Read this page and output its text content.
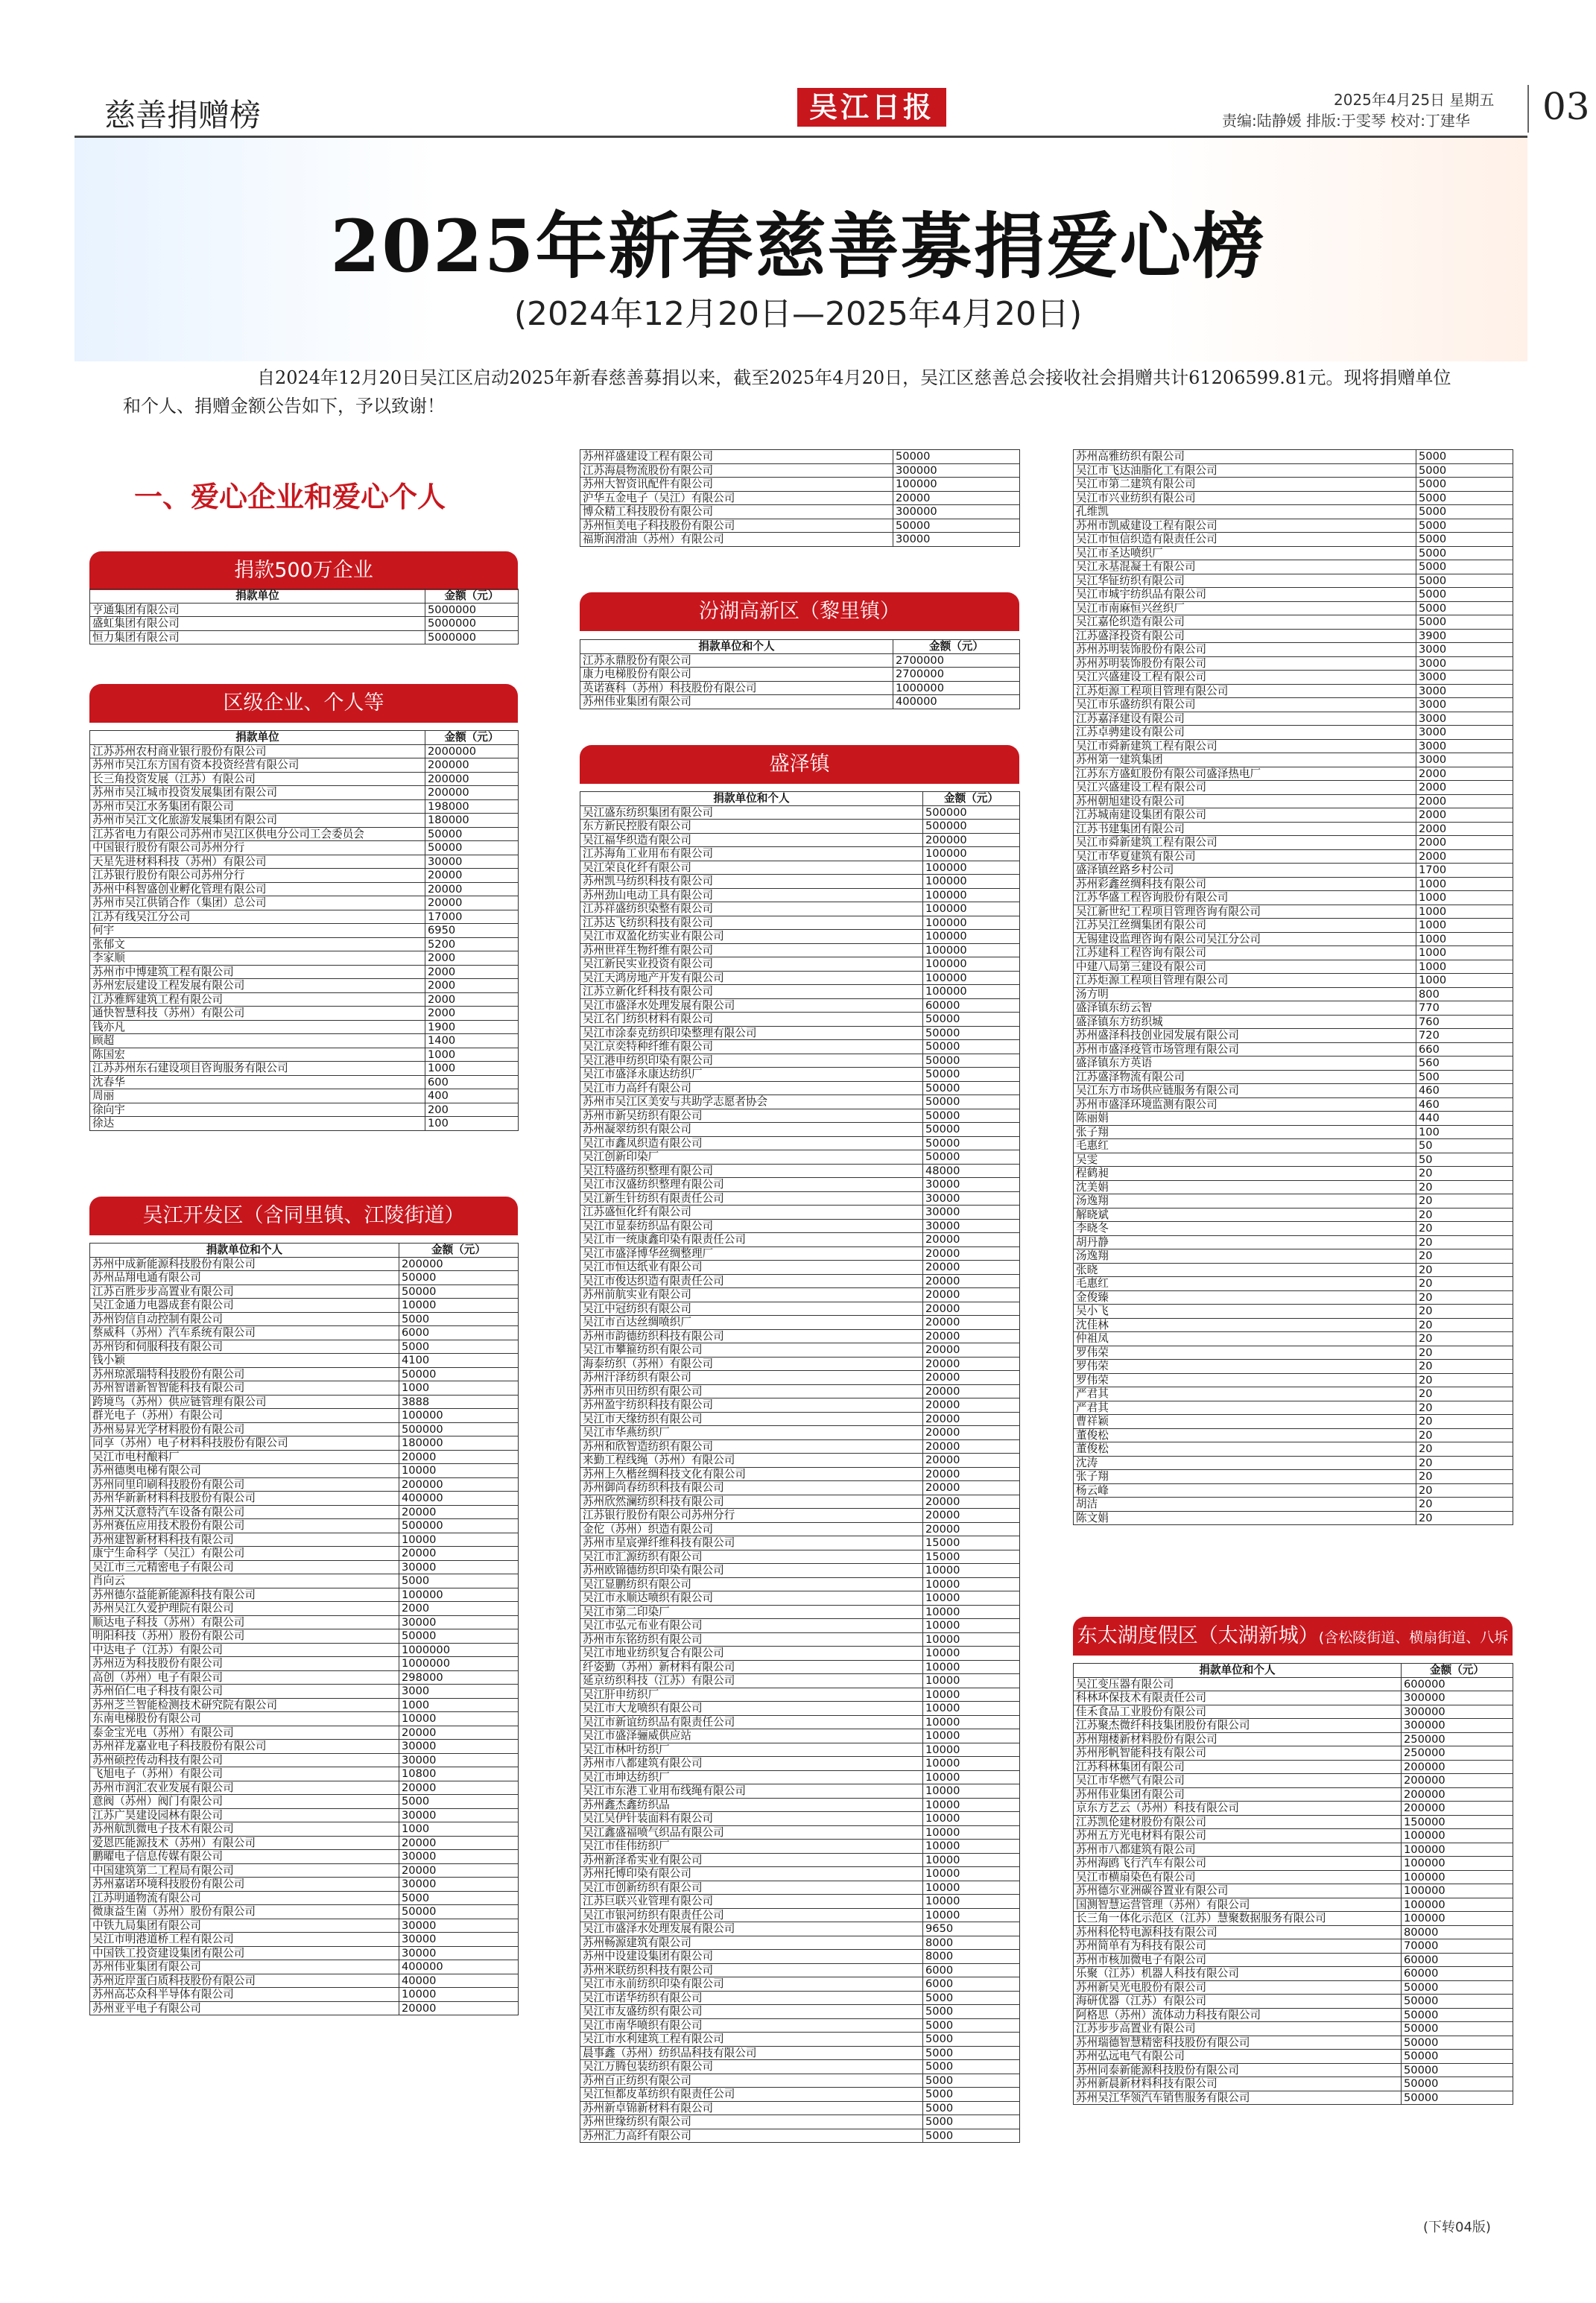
慈善捐赠榜	吴江日报	2025年4月25日 星期五
责编:陆静媛 排版:于雯琴 校对:丁建华	03
2025年新春慈善募捐爱心榜
(2024年12月20日—2025年4月20日)
自2024年12月20日吴江区启动2025年新春慈善募捐以来，截至2025年4月20日，吴江区慈善总会接收社会捐赠共计61206599.81元。现将捐赠单位和个人、捐赠金额公告如下，予以致谢！
一、爱心企业和爱心个人
捐款500万企业
捐款单位	金额（元）
亨通集团有限公司	5000000
盛虹集团有限公司	5000000
恒力集团有限公司	5000000
区级企业、个人等
捐款单位	金额（元）
江苏苏州农村商业银行股份有限公司	2000000
苏州市吴江东方国有资本投资经营有限公司	200000
长三角投资发展（江苏）有限公司	200000
苏州市吴江城市投资发展集团有限公司	200000
苏州市吴江水务集团有限公司	198000
苏州市吴江文化旅游发展集团有限公司	180000
江苏省电力有限公司苏州市吴江区供电分公司工会委员会	50000
中国银行股份有限公司苏州分行	50000
天星先进材料科技（苏州）有限公司	30000
江苏银行股份有限公司苏州分行	20000
苏州中科智盛创业孵化管理有限公司	20000
苏州市吴江供销合作（集团）总公司	20000
江苏有线吴江分公司	17000
何宇	6950
张郁文	5200
李家顺	2000
苏州市中博建筑工程有限公司	2000
苏州宏辰建设工程发展有限公司	2000
江苏雅辉建筑工程有限公司	2000
通快智慧科技（苏州）有限公司	2000
钱亦凡	1900
顾超	1400
陈国宏	1000
江苏苏州东石建设项目咨询服务有限公司	1000
沈春华	600
周丽	400
徐向宇	200
徐达	100
吴江开发区（含同里镇、江陵街道）
捐款单位和个人	金额（元）
苏州中成新能源科技股份有限公司	200000
苏州品翔电通有限公司	50000
江苏百胜步步高置业有限公司	50000
吴江金通力电器成套有限公司	10000
苏州钧信自动控制有限公司	5000
蔡威科（苏州）汽车系统有限公司	6000
苏州钧和伺服科技有限公司	5000
钱小颖	4100
苏州琼派瑞特科技股份有限公司	50000
苏州智谱新智智能科技有限公司	1000
跨境鸟（苏州）供应链管理有限公司	3888
群光电子（苏州）有限公司	100000
苏州易昇光学材料股份有限公司	500000
同享（苏州）电子材料科技股份有限公司	180000
吴江市电村酿料厂	20000
苏州德奥电梯有限公司	10000
苏州同里印刷科技股份有限公司	200000
苏州华新新材料科技股份有限公司	400000
苏州艾沃意特汽车设备有限公司	20000
苏州赛伍应用技术股份有限公司	500000
苏州建智新材料科技有限公司	10000
康宁生命科学（吴江）有限公司	20000
吴江市三元精密电子有限公司	30000
肖向云	5000
苏州德尔益能新能源科技有限公司	100000
苏州吴江久爱护理院有限公司	2000
顺达电子科技（苏州）有限公司	30000
明阳科技（苏州）股份有限公司	50000
中达电子（江苏）有限公司	1000000
苏州迈为科技股份有限公司	1000000
高创（苏州）电子有限公司	298000
苏州佰仁电子科技有限公司	3000
苏州芝兰智能检测技术研究院有限公司	1000
东南电梯股份有限公司	10000
泰金宝光电（苏州）有限公司	20000
苏州祥龙嘉业电子科技股份有限公司	30000
苏州硕控传动科技有限公司	30000
飞旭电子（苏州）有限公司	10800
苏州市润汇农业发展有限公司	20000
意阀（苏州）阀门有限公司	5000
江苏广昊建设园林有限公司	30000
苏州航凯微电子技术有限公司	1000
爱恩匹能源技术（苏州）有限公司	20000
鹏曜电子信息传媒有限公司	30000
中国建筑第二工程局有限公司	20000
苏州嘉诺环境科技股份有限公司	30000
江苏明通物流有限公司	5000
微康益生菌（苏州）股份有限公司	50000
中铁九局集团有限公司	30000
吴江市明港道桥工程有限公司	30000
中国铁工投资建设集团有限公司	30000
苏州伟业集团有限公司	400000
苏州近岸蛋白质科技股份有限公司	40000
苏州高芯众科半导体有限公司	10000
苏州亚平电子有限公司	20000
苏州祥盛建设工程有限公司	50000
江苏海晨物流股份有限公司	300000
苏州大智资讯配件有限公司	100000
沪华五金电子（吴江）有限公司	20000
博众精工科技股份有限公司	300000
苏州恒美电子科技股份有限公司	50000
福斯润滑油（苏州）有限公司	30000
汾湖高新区（黎里镇）
捐款单位和个人	金额（元）
江苏永鼎股份有限公司	2700000
康力电梯股份有限公司	2700000
英诺赛科（苏州）科技股份有限公司	1000000
苏州伟业集团有限公司	400000
盛泽镇
捐款单位和个人	金额（元）
吴江盛东纺织集团有限公司	500000
东方新民控股有限公司	500000
吴江福华织造有限公司	200000
江苏海角工业用布有限公司	100000
吴江荣良化纤有限公司	100000
苏州凯马纺织科技有限公司	100000
苏州劲山电动工具有限公司	100000
江苏祥盛纺织染整有限公司	100000
江苏达飞纺织科技有限公司	100000
吴江市双盈化纺实业有限公司	100000
苏州世祥生物纤维有限公司	100000
吴江新民实业投资有限公司	100000
吴江天鸿房地产开发有限公司	100000
江苏立新化纤科技有限公司	100000
吴江市盛泽水处理发展有限公司	60000
吴江名门纺织材料有限公司	50000
吴江市涂泰克纺织印染整理有限公司	50000
吴江京奕特种纤维有限公司	50000
吴江港申纺织印染有限公司	50000
吴江市盛泽永康达纺织厂	50000
吴江市力高纤有限公司	50000
苏州市吴江区美安与共助学志愿者协会	50000
苏州市新吴纺织有限公司	50000
苏州凝翠纺织有限公司	50000
吴江市鑫凤织造有限公司	50000
吴江创新印染厂	50000
吴江特盛纺织整理有限公司	48000
吴江市汉盛纺织整理有限公司	30000
吴江新生针纺织有限责任公司	30000
江苏盛恒化纤有限公司	30000
吴江市显泰纺织品有限公司	30000
吴江市一统康鑫印染有限责任公司	20000
吴江市盛泽博华丝绸整理厂	20000
吴江市恒达纸业有限公司	20000
吴江市俊达织造有限责任公司	20000
苏州前航实业有限公司	20000
吴江中冠纺织有限公司	20000
吴江市百达丝绸喷织厂	20000
苏州市韵德纺织科技有限公司	20000
吴江市攀箍纺织有限公司	20000
海泰纺织（苏州）有限公司	20000
苏州汗泽纺织有限公司	20000
苏州市贝田纺织有限公司	20000
苏州盈宇纺织科技有限公司	20000
吴江市天缘纺织有限公司	20000
吴江市华燕纺织厂	20000
苏州和欣智造纺织有限公司	20000
来勤工程线绳（苏州）有限公司	20000
苏州上久楷丝绸科技文化有限公司	20000
苏州御尚春纺织科技有限公司	20000
苏州欣然澜纺织科技有限公司	20000
江苏银行股份有限公司苏州分行	20000
金佗（苏州）织造有限公司	20000
苏州市星宸弹纤维科技有限公司	15000
吴江市汇源纺织有限公司	15000
苏州欧锦德纺织印染有限公司	10000
吴江显鹏纺织有限公司	10000
吴江市永顺达喷织有限公司	10000
吴江市第二印染厂	10000
吴江市弘元布业有限公司	10000
苏州市东铭纺织有限公司	10000
吴江市地业纺织复合有限公司	10000
纤姿勤（苏州）新材料有限公司	10000
延京纺织科技（江苏）有限公司	10000
吴江肝申纺织厂	10000
吴江市大龙喷织有限公司	10000
吴江市新谊纺织品有限责任公司	10000
吴江市盛泽骊威供应站	10000
吴江市林叶纺织厂	10000
苏州市八都建筑有限公司	10000
吴江市坤达纺织厂	10000
吴江市东港工业用布线绳有限公司	10000
苏州鑫杰鑫纺织品	10000
吴江吴伊针装面料有限公司	10000
吴江鑫盛福喷气织品有限公司	10000
吴江市佳伟纺织厂	10000
苏州新泽希实业有限公司	10000
苏州托博印染有限公司	10000
吴江市创新纺织有限公司	10000
江苏巨联兴业管理有限公司	10000
吴江市银河纺织有限责任公司	10000
吴江市盛泽水处理发展有限公司	9650
苏州畅源建筑有限公司	8000
苏州中设建设集团有限公司	8000
苏州米联纺织科技有限公司	6000
吴江市永前纺织印染有限公司	6000
吴江市诺华纺织有限公司	5000
吴江市友盛纺织有限公司	5000
吴江市南华喷织有限公司	5000
吴江市水利建筑工程有限公司	5000
晨事鑫（苏州）纺织品科技有限公司	5000
吴江万腾包装纺织有限公司	5000
苏州百正纺织有限公司	5000
吴江恒都皮革纺织有限责任公司	5000
苏州新卓锦新材料有限公司	5000
苏州世缘纺织有限公司	5000
苏州汇力高纤有限公司	5000
苏州高雅纺织有限公司	5000
吴江市飞达油脂化工有限公司	5000
吴江市第二建筑有限公司	5000
吴江市兴业纺织有限公司	5000
孔维凯	5000
苏州市凯威建设工程有限公司	5000
吴江市恒信织造有限责任公司	5000
吴江市圣达喷织厂	5000
吴江永基混凝土有限公司	5000
吴江华钲纺织有限公司	5000
吴江市城宇纺织品有限公司	5000
吴江市南麻恒兴丝织厂	5000
吴江嘉伦织造有限公司	5000
江苏盛泽投资有限公司	3900
苏州苏明装饰股份有限公司	3000
苏州苏明装饰股份有限公司	3000
吴江兴盛建设工程有限公司	3000
江苏炬源工程项目管理有限公司	3000
吴江市乐盛纺织有限公司	3000
江苏嘉泽建设有限公司	3000
江苏卓骋建设有限公司	3000
吴江市舜新建筑工程有限公司	3000
苏州第一建筑集团	3000
江苏东方盛虹股份有限公司盛泽热电厂	2000
吴江兴盛建设工程有限公司	2000
苏州朝旭建设有限公司	2000
江苏城南建设集团有限公司	2000
江苏书建集团有限公司	2000
吴江市舜新建筑工程有限公司	2000
吴江市华夏建筑有限公司	2000
盛泽镇丝路乡村公司	1700
苏州彩鑫丝绸科技有限公司	1000
江苏华盛工程咨询股份有限公司	1000
吴江新世纪工程项目管理咨询有限公司	1000
江苏吴江丝绸集团有限公司	1000
无锡建设监理咨询有限公司吴江分公司	1000
江苏建科工程咨询有限公司	1000
中建八局第三建设有限公司	1000
江苏炬源工程项目管理有限公司	1000
汤方明	800
盛泽镇东纺云智	770
盛泽镇东方纺织城	760
苏州盛泽科技创业园发展有限公司	720
苏州市盛泽疫管市场管理有限公司	660
盛泽镇东方英语	560
江苏盛泽物流有限公司	500
吴江东方市场供应链服务有限公司	460
苏州市盛泽环境监测有限公司	460
陈丽娟	440
张子翔	100
毛惠红	50
吴雯	50
程鹤昶	20
沈美娟	20
汤逸翔	20
解晓斌	20
李晓冬	20
胡丹静	20
汤逸翔	20
张晓	20
毛惠红	20
金俊臻	20
吴小飞	20
沈佳林	20
仲祖凤	20
罗伟荣	20
罗伟荣	20
罗伟荣	20
严君其	20
严君其	20
曹祥颖	20
董俊松	20
董俊松	20
沈涛	20
张子翔	20
杨云峰	20
胡洁	20
陈文娟	20
东太湖度假区（太湖新城）(含松陵街道、横扇街道、八坼街道)
捐款单位和个人	金额（元）
吴江变压器有限公司	600000
科林环保技术有限责任公司	300000
佳禾食品工业股份有限公司	300000
江苏聚杰微纤科技集团股份有限公司	300000
苏州翔楼新材料股份有限公司	250000
苏州彤帆智能科技有限公司	250000
江苏科林集团有限公司	200000
吴江市华燃气有限公司	200000
苏州伟业集团有限公司	200000
京东方艺云（苏州）科技有限公司	200000
江苏凯伦建材股份有限公司	150000
苏州五方光电材料有限公司	100000
苏州市八都建筑有限公司	100000
苏州海鸥飞行汽车有限公司	100000
吴江市横扇染色有限公司	100000
苏州德尔亚洲碳谷置业有限公司	100000
国测智慧运营管理（苏州）有限公司	100000
长三角一体化示范区（江苏）慧聚数据服务有限公司	100000
苏州科伦特电源科技有限公司	80000
苏州简单有为科技有限公司	70000
苏州市核加微电子有限公司	60000
乐聚（江苏）机器人科技有限公司	60000
苏州新吴光电股份有限公司	50000
海研优器（江苏）有限公司	50000
阿格思（苏州）流体动力科技有限公司	50000
江苏步步高置业有限公司	50000
苏州瑞德智慧精密科技股份有限公司	50000
苏州弘远电气有限公司	50000
苏州同泰新能源科技股份有限公司	50000
苏州新晨新材料科技有限公司	50000
苏州吴江华领汽车销售服务有限公司	50000
(下转04版)
